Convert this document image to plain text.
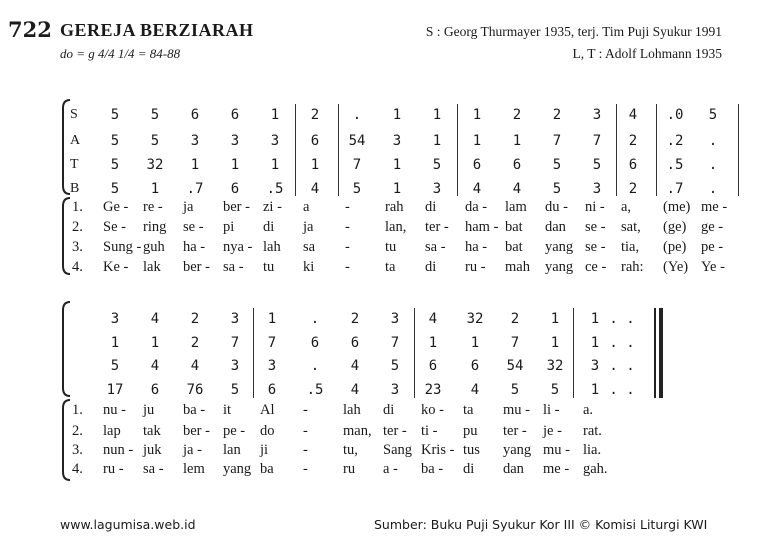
722 GEREJA BERZIARAH
do = g 4/4 1/4 = 84-88
S : Georg Thurmayer 1935, terj. Tim Puji Syukur 1991
L, T : Adolf Lohmann 1935
S 5 5 6 6 1 2 . 1 1 1 2 2 3 4 .0 5
A 5 5 3 3 3 6 54 3 1 1 1 7 7 2 .2 .
T 5 32 1 1 1 1 7 1 5 6 6 5 5 6 .5 .
B 5 1 .7 6 .5 4 5 1 3 4 4 5 3 2 .7 .
1. Ge - re - ja ber - zi - a - rah di da - lam du - ni - a, (me) me -
2. Se - ring se - pi di ja - lan, ter - ham - bat dan se - sat, (ge) ge -
3. Sung - guh ha - nya - lah sa - tu sa - ha - bat yang se - tia, (pe) pe -
4. Ke - lak ber - sa - tu ki - ta di ru - mah yang ce - rah: (Ye) Ye -
3 4 2 3 1 . 2 3 4 32 2 1 1 . .
1 1 2 7 7 6 6 7 1 1 7 1 1 . .
5 4 4 3 3 . 4 5 6 6 54 32 3 . .
17 6 76 5 6 .5 4 3 23 4 5 5 1 . .
1. nu - ju ba - it Al - lah di ko - ta mu - li - a.
2. lap tak ber - pe - do - man, ter - ti - pu ter - je - rat.
3. nun - juk ja - lan ji - tu, Sang Kris - tus yang mu - lia.
4. ru - sa - lem yang ba - ru a - ba - di dan me - gah.
www.lagumisa.web.id	Sumber: Buku Puji Syukur Kor III © Komisi Liturgi KWI
